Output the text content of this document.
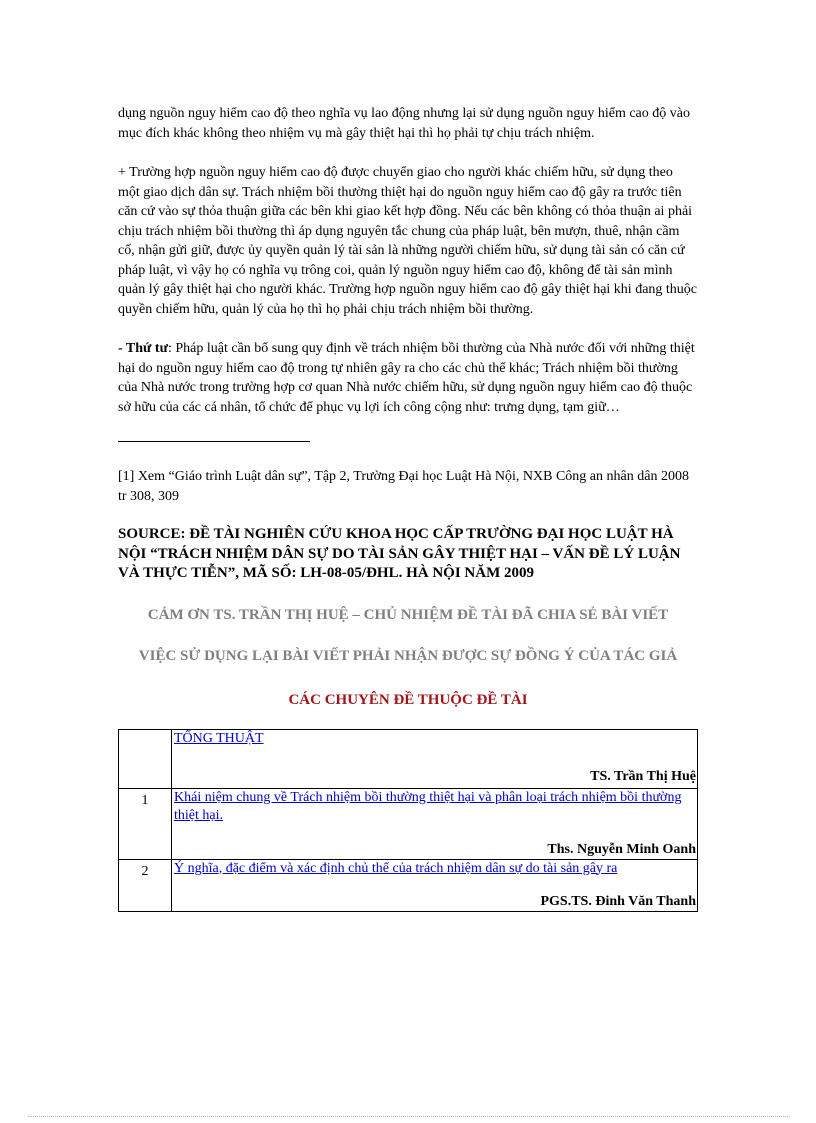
dụng nguồn nguy hiểm cao độ theo nghĩa vụ lao động nhưng lại sử dụng nguồn nguy hiểm cao độ vào mục đích khác không theo nhiệm vụ mà gây thiệt hại thì họ phải tự chịu trách nhiệm.

+ Trường hợp nguồn nguy hiểm cao độ được chuyển giao cho người khác chiếm hữu, sử dụng theo một giao dịch dân sự. Trách nhiệm bồi thường thiệt hại do nguồn nguy hiểm cao độ gây ra trước tiên căn cứ vào sự thỏa thuận giữa các bên khi giao kết hợp đồng. Nếu các bên không có thỏa thuận ai phải chịu trách nhiệm bồi thường thì áp dụng nguyên tắc chung của pháp luật, bên mượn, thuê, nhận cầm cố, nhận gửi giữ, được ủy quyền quản lý tài sản là những người chiếm hữu, sử dụng tài sản có căn cứ pháp luật, vì vậy họ có nghĩa vụ trông coi, quản lý nguồn nguy hiểm cao độ, không để tài sản mình quản lý gây thiệt hại cho người khác. Trường hợp nguồn nguy hiểm cao độ gây thiệt hại khi đang thuộc quyền chiếm hữu, quản lý của họ thì họ phải chịu trách nhiệm bồi thường.

- Thứ tư: Pháp luật cần bổ sung quy định về trách nhiệm bồi thường của Nhà nước đối với những thiệt hại do nguồn nguy hiểm cao độ trong tự nhiên gây ra cho các chủ thể khác; Trách nhiệm bồi thường của Nhà nước trong trường hợp cơ quan Nhà nước chiếm hữu, sử dụng nguồn nguy hiểm cao độ thuộc sở hữu của các cá nhân, tổ chức để phục vụ lợi ích công cộng như: trưng dụng, tạm giữ…

[1] Xem “Giáo trình Luật dân sự”, Tập 2, Trường Đại học Luật Hà Nội, NXB Công an nhân dân 2008 tr 308, 309

SOURCE: ĐỀ TÀI NGHIÊN CỨU KHOA HỌC CẤP TRƯỜNG ĐẠI HỌC LUẬT HÀ NỘI “TRÁCH NHIỆM DÂN SỰ DO TÀI SẢN GÂY THIỆT HẠI – VẤN ĐỀ LÝ LUẬN VÀ THỰC TIỄN”, MÃ SỐ: LH-08-05/ĐHL. HÀ NỘI NĂM 2009

CẢM ƠN TS. TRẦN THỊ HUỆ – CHỦ NHIỆM ĐỀ TÀI ĐÃ CHIA SẺ BÀI VIẾT

VIỆC SỬ DỤNG LẠI BÀI VIẾT PHẢI NHẬN ĐƯỢC SỰ ĐỒNG Ý CỦA TÁC GIẢ

CÁC CHUYÊN ĐỀ THUỘC ĐỀ TÀI

	TỔNG THUẬT
TS. Trần Thị Huệ

1	Khái niệm chung về Trách nhiệm bồi thường thiệt hại và phân loại trách nhiệm bồi thường thiệt hại.
Ths. Nguyễn Minh Oanh

2	Ý nghĩa, đặc điểm và xác định chủ thể của trách nhiệm dân sự do tài sản gây ra
PGS.TS. Đinh Văn Thanh
